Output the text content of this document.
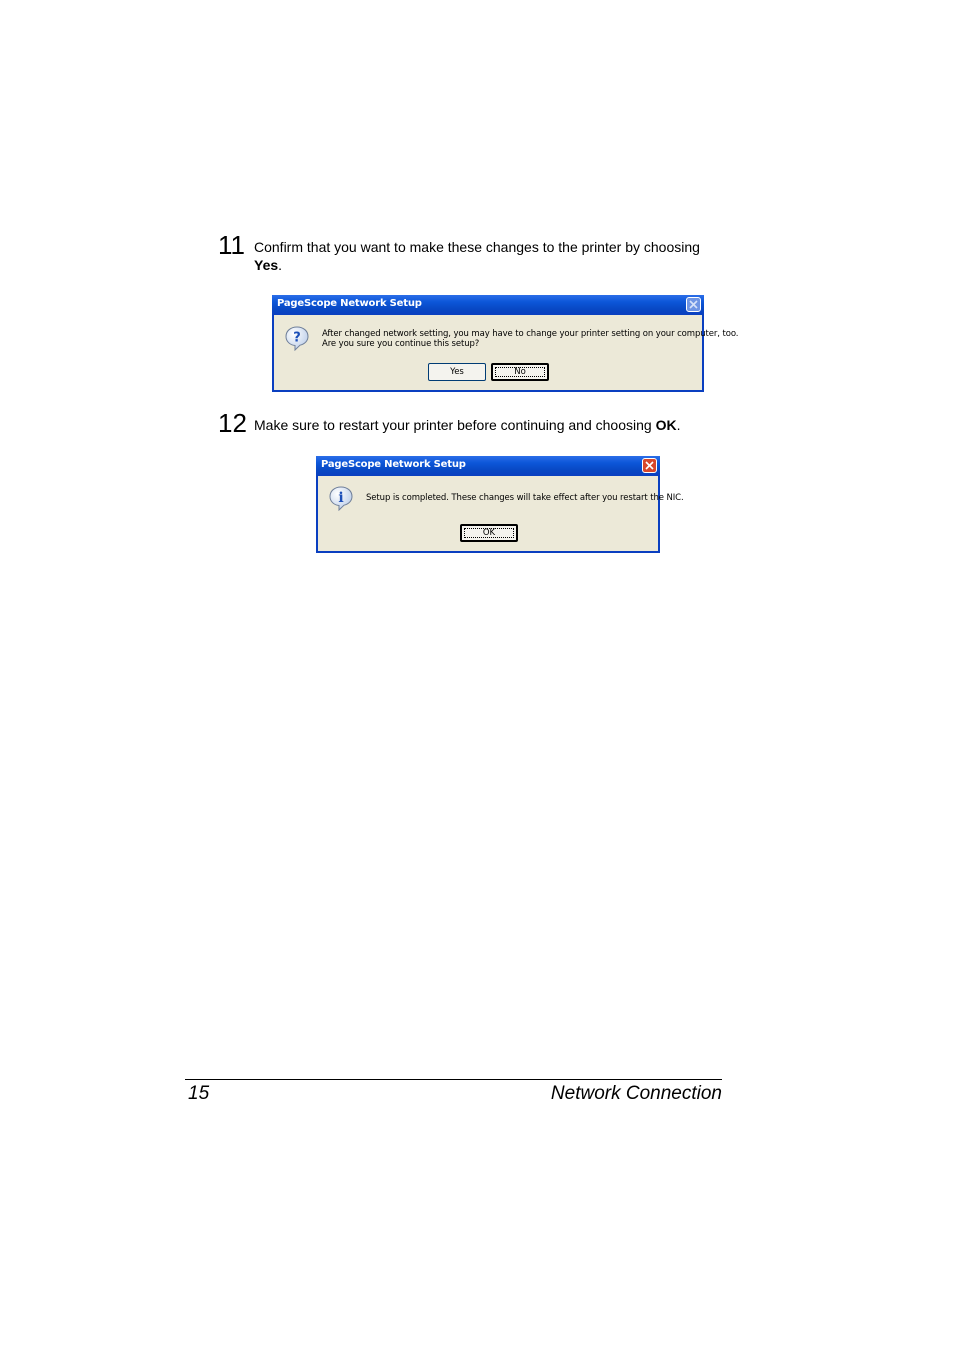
11 Confirm that you want to make these changes to the printer by choosing
Yes.
PageScope Network Setup
? After changed network setting, you may have to change your printer setting on your computer, too.
Are you sure you continue this setup?
Yes	No
12 Make sure to restart your printer before continuing and choosing OK.
PageScope Network Setup
i	Setup is completed. These changes will take effect after you restart the NIC.
OK
15	Network Connection
